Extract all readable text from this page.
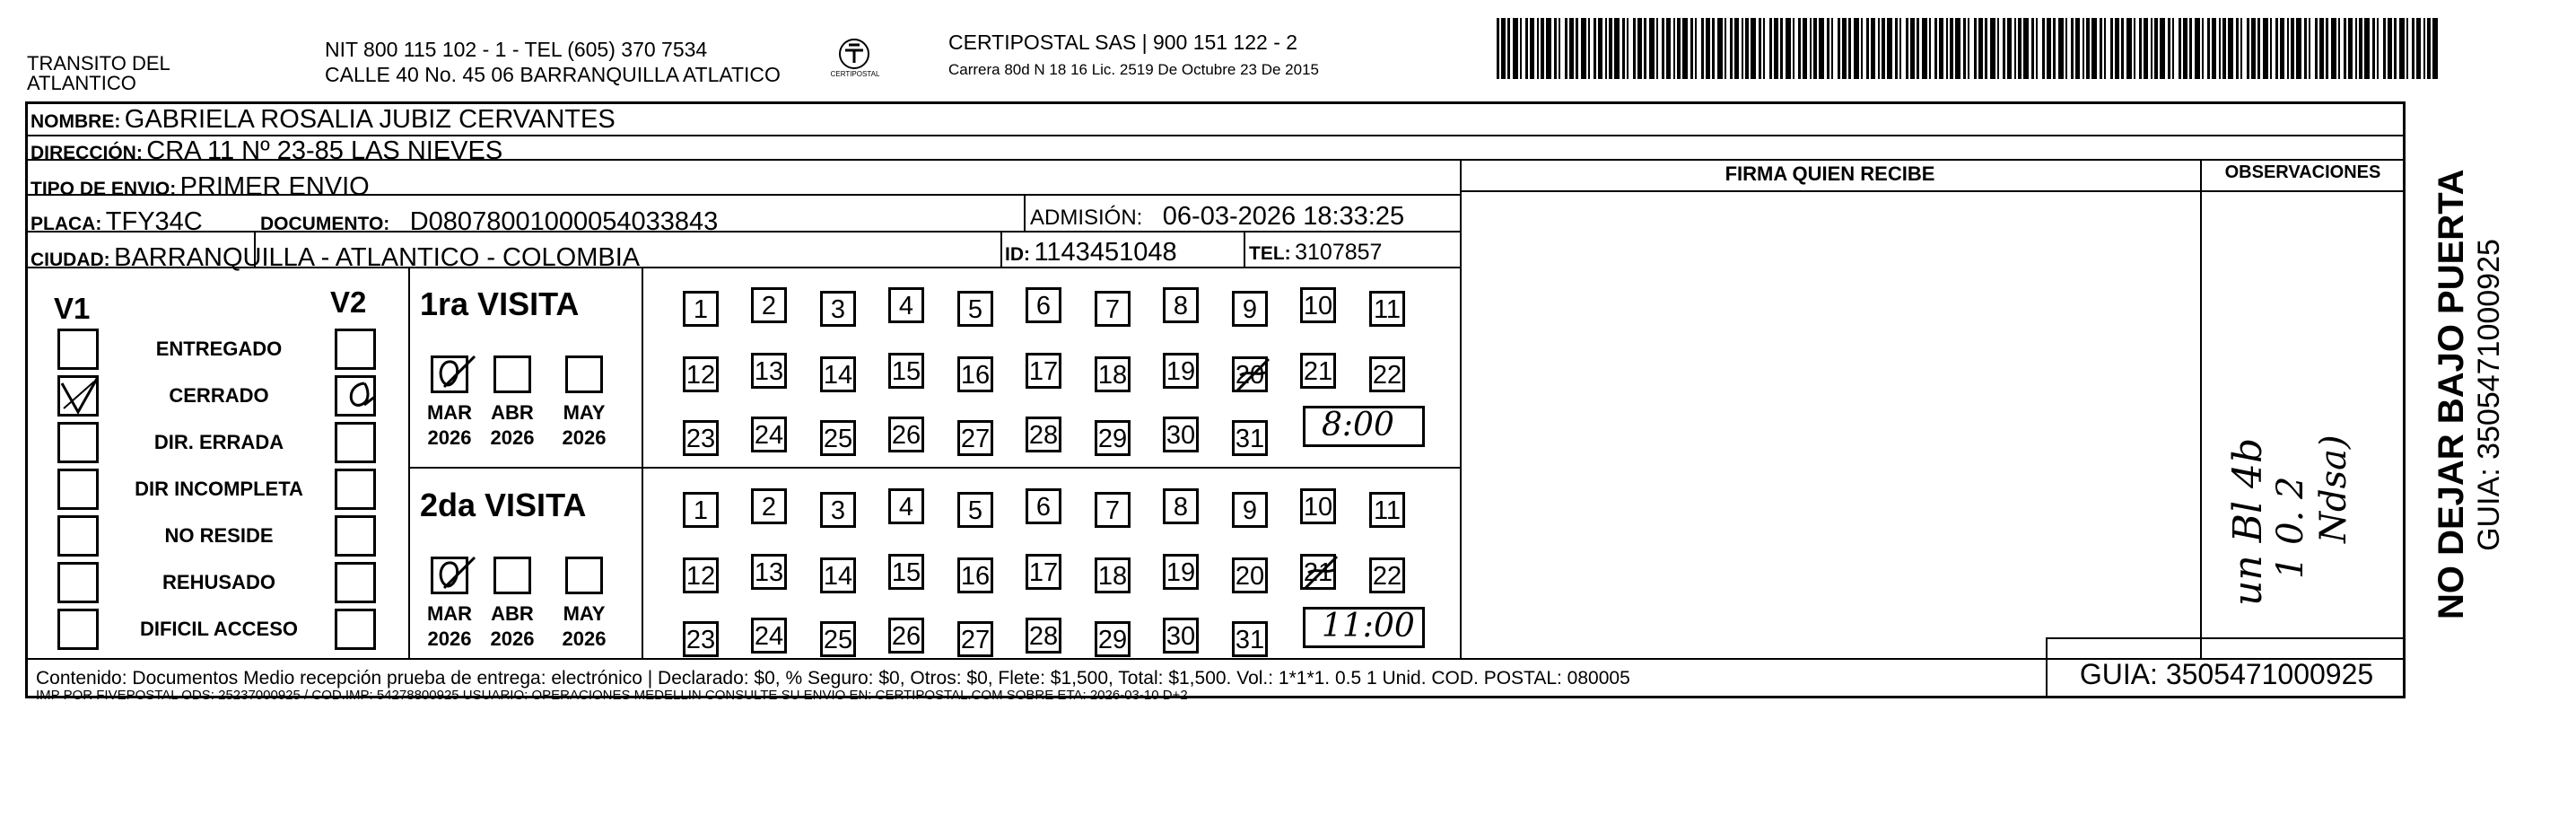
TRANSITO DEL
ATLANTICO
NIT 800 115 102 - 1 - TEL (605) 370 7534
CALLE 40 No. 45 06 BARRANQUILLA ATLATICO	CERTIPOSTAL
CERTIPOSTAL SAS | 900 151 122 - 2
Carrera 80d N 18 16 Lic. 2519 De Octubre 23 De 2015
NOMBRE: GABRIELA ROSALIA JUBIZ CERVANTES
DIRECCIÓN: CRA 11 Nº 23-85 LAS NIEVES
TIPO DE ENVIO: PRIMER ENVIO
PLACA: TFY34C	DOCUMENTO: D08078001000054033843	ADMISIÓN: 06-03-2026 18:33:25
CIUDAD: BARRANQUILLA - ATLANTICO - COLOMBIA	ID: 1143451048	TEL: 3107857
FIRMA QUIEN RECIBE	OBSERVACIONES
un Bl 4b 1 0. 2 Ndsa)
V1	V2
ENTREGADO
CERRADO
DIR. ERRADA
DIR INCOMPLETA
NO RESIDE
REHUSADO
DIFICIL ACCESO
1ra VISITA
MAR
2026
ABR
2026
MAY
2026
1	2	3	4	5	6	7	8	9	10 11
12 13 14 15 16 17 18 19 20 21 22
23 24 25 26 27 28 29 30 31 8:00
2da VISITA
MAR
2026
ABR
2026
MAY
2026
1	2	3	4	5	6	7	8	9	10 11
12 13 14 15 16 17 18 19 20 21 22
23 24 25 26 27 28 29 30 31 11:00
Contenido: Documentos Medio recepción prueba de entrega: electrónico | Declarado: $0, % Seguro: $0, Otros: $0, Flete: $1,500, Total: $1,500. Vol.: 1*1*1. 0.5 1 Unid. COD. POSTAL: 080005
IMP POR FIVEPOSTAL ODS: 25237000925 / COD.IMP: 54278800925 USUARIO: OPERACIONES MEDELLIN CONSULTE SU ENVIO EN: CERTIPOSTAL.COM SOBRE ETA: 2026-03-10 D+2
GUIA: 3505471000925
NO DEJAR BAJO PUERTA GUIA: 3505471000925
